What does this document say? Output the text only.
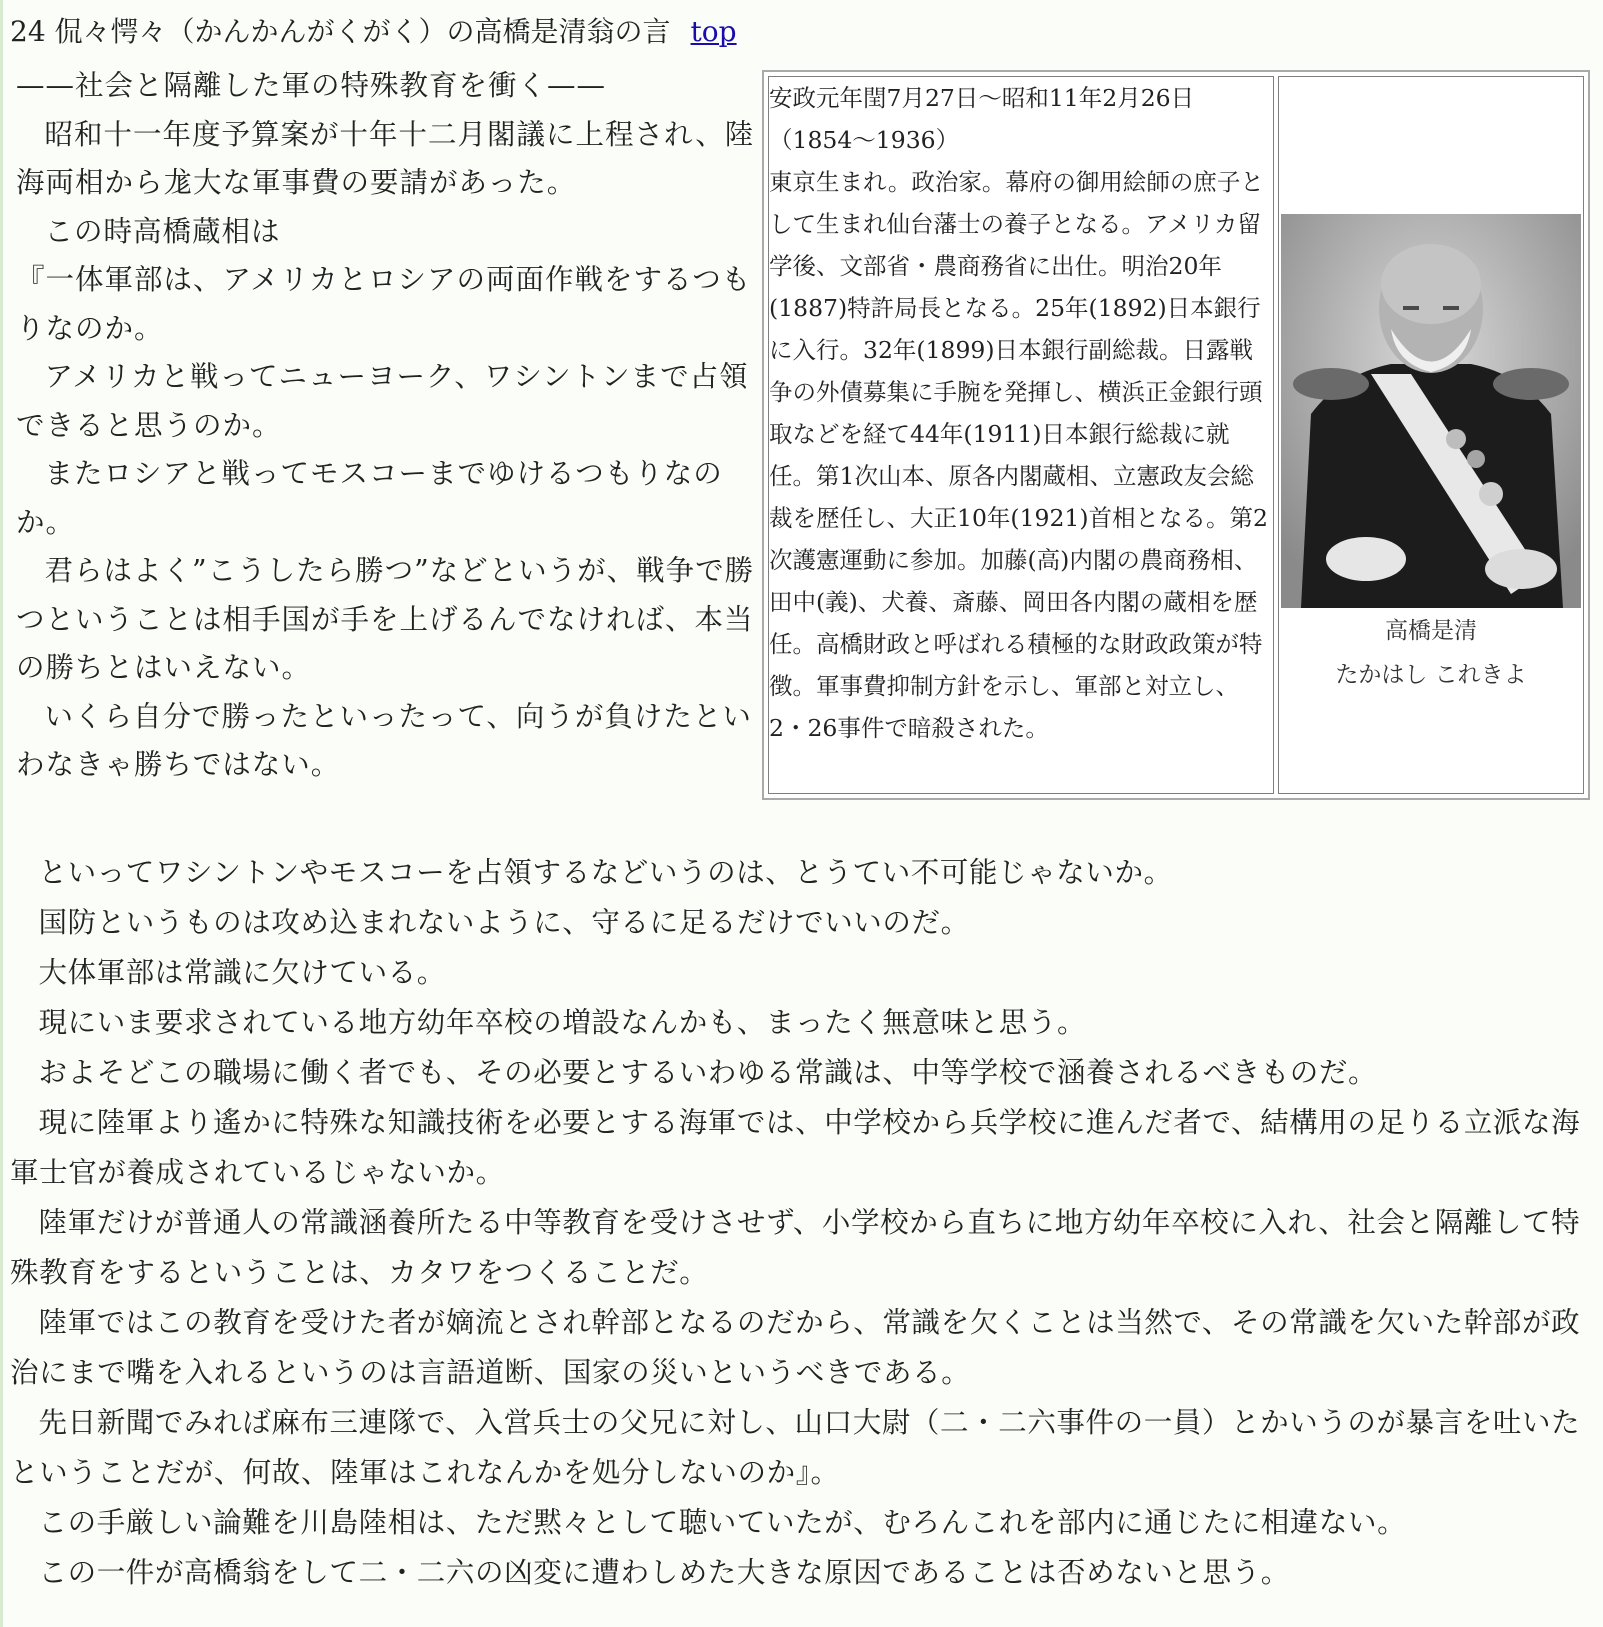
24 侃々愕々（かんかんがくがく）の高橋是清翁の言 top

——社会と隔離した軍の特殊教育を衝く——

昭和十一年度予算案が十年十二月閣議に上程され、陸海両相から尨大な軍事費の要請があった。

この時高橋蔵相は

『一体軍部は、アメリカとロシアの両面作戦をするつもりなのか。

アメリカと戦ってニューヨーク、ワシントンまで占領できると思うのか。

またロシアと戦ってモスコーまでゆけるつもりなのか。

君らはよく”こうしたら勝つ”などというが、戦争で勝つということは相手国が手を上げるんでなければ、本当の勝ちとはいえない。

いくら自分で勝ったといったって、向うが負けたといわなきゃ勝ちではない。

安政元年閏7月27日〜昭和11年2月26日
（1854〜1936）
東京生まれ。政治家。幕府の御用絵師の庶子として生まれ仙台藩士の養子となる。アメリカ留学後、文部省・農商務省に出仕。明治20年(1887)特許局長となる。25年(1892)日本銀行に入行。32年(1899)日本銀行副総裁。日露戦争の外債募集に手腕を発揮し、横浜正金銀行頭取などを経て44年(1911)日本銀行総裁に就任。第1次山本、原各内閣蔵相、立憲政友会総裁を歴任し、大正10年(1921)首相となる。第2次護憲運動に参加。加藤(高)内閣の農商務相、田中(義)、犬養、斎藤、岡田各内閣の蔵相を歴任。高橋財政と呼ばれる積極的な財政政策が特徴。軍事費抑制方針を示し、軍部と対立し、2・26事件で暗殺された。

高橋是清
たかはし これきよ

といってワシントンやモスコーを占領するなどいうのは、とうてい不可能じゃないか。

国防というものは攻め込まれないように、守るに足るだけでいいのだ。

大体軍部は常識に欠けている。

現にいま要求されている地方幼年卒校の増設なんかも、まったく無意味と思う。

およそどこの職場に働く者でも、その必要とするいわゆる常識は、中等学校で涵養されるべきものだ。

現に陸軍より遙かに特殊な知識技術を必要とする海軍では、中学校から兵学校に進んだ者で、結構用の足りる立派な海軍士官が養成されているじゃないか。

陸軍だけが普通人の常識涵養所たる中等教育を受けさせず、小学校から直ちに地方幼年卒校に入れ、社会と隔離して特殊教育をするということは、カタワをつくることだ。

陸軍ではこの教育を受けた者が嫡流とされ幹部となるのだから、常識を欠くことは当然で、その常識を欠いた幹部が政治にまで嘴を入れるというのは言語道断、国家の災いというべきである。

先日新聞でみれば麻布三連隊で、入営兵士の父兄に対し、山口大尉（二・二六事件の一員）とかいうのが暴言を吐いたということだが、何故、陸軍はこれなんかを処分しないのか』。

この手厳しい論難を川島陸相は、ただ黙々として聴いていたが、むろんこれを部内に通じたに相違ない。

この一件が高橋翁をして二・二六の凶変に遭わしめた大きな原因であることは否めないと思う。
